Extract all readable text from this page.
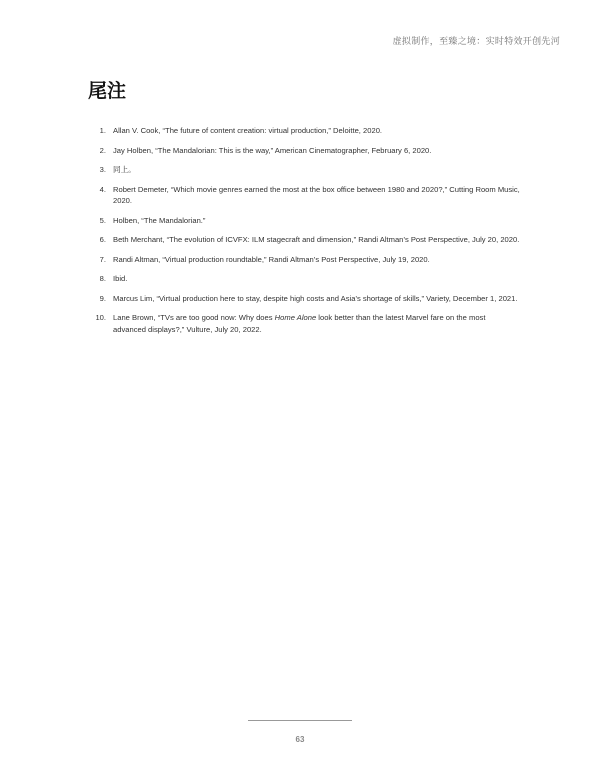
虚拟制作，至臻之境：实时特效开创先河
尾注
1. Allan V. Cook, “The future of content creation: virtual production,” Deloitte, 2020.
2. Jay Holben, “The Mandalorian: This is the way,” American Cinematographer, February 6, 2020.
3. 同上。
4. Robert Demeter, “Which movie genres earned the most at the box office between 1980 and 2020?,” Cutting Room Music, 2020.
5. Holben, “The Mandalorian.”
6. Beth Merchant, “The evolution of ICVFX: ILM stagecraft and dimension,” Randi Altman’s Post Perspective, July 20, 2020.
7. Randi Altman, “Virtual production roundtable,” Randi Altman’s Post Perspective, July 19, 2020.
8. Ibid.
9. Marcus Lim, “Virtual production here to stay, despite high costs and Asia’s shortage of skills,” Variety, December 1, 2021.
10. Lane Brown, “TVs are too good now: Why does Home Alone look better than the latest Marvel fare on the most advanced displays?,” Vulture, July 20, 2022.
63
